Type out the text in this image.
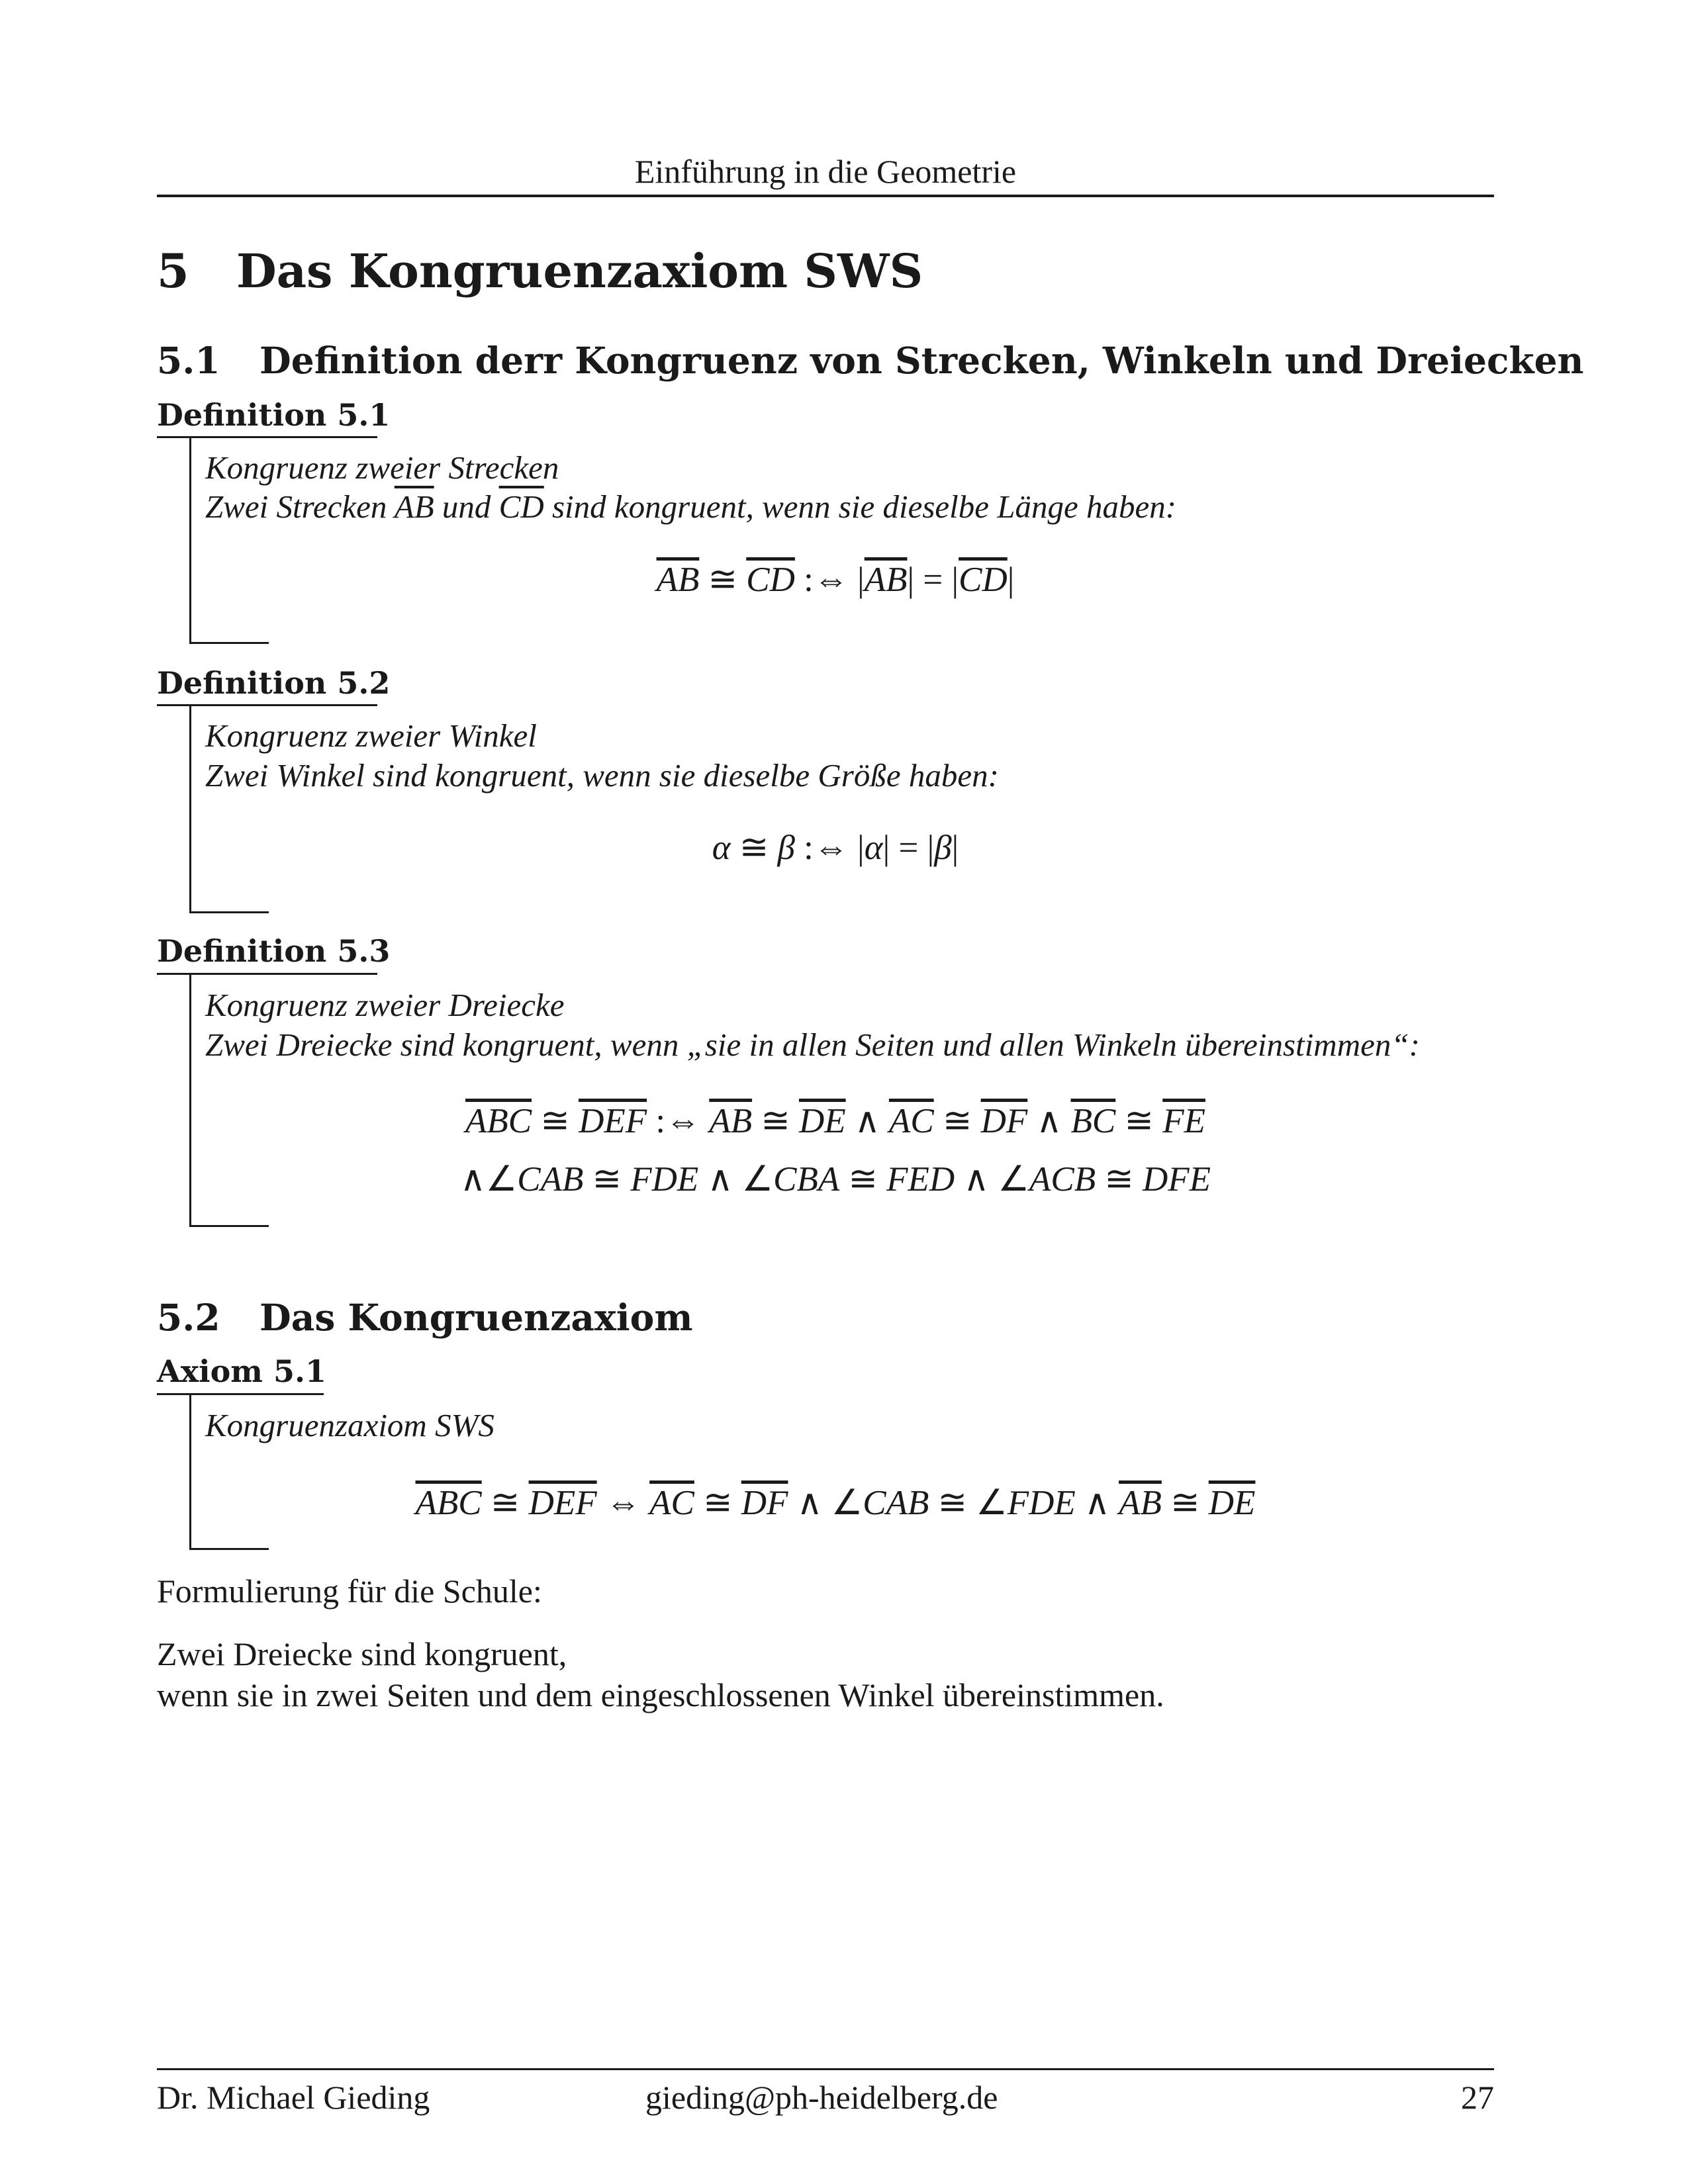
Einführung in die Geometrie
5 Das Kongruenzaxiom SWS
5.1 Definition derr Kongruenz von Strecken, Winkeln und Dreiecken
Definition 5.1
Kongruenz zweier Strecken
Zwei Strecken $\overline{AB}$ und $\overline{CD}$ sind kongruent, wenn sie dieselbe Länge haben:
$\overline{AB}$ ≅ $\overline{CD}$ :⇔ $|\overline{AB}| = |\overline{CD}|$
Definition 5.2
Kongruenz zweier Winkel
Zwei Winkel sind kongruent, wenn sie dieselbe Größe haben:
α ≅ β :⇔ |α| = |β|
Definition 5.3
Kongruenz zweier Dreiecke
Zwei Dreiecke sind kongruent, wenn „sie in allen Seiten und allen Winkeln übereinstimmen“:
$\overline{ABC}$ ≅ $\overline{DEF}$ :⇔ $\overline{AB}$ ≅ $\overline{DE}$ ∧ $\overline{AC}$ ≅ $\overline{DF}$ ∧ $\overline{BC}$ ≅ $\overline{FE}$
∧∠CAB ≅ FDE ∧ ∠CBA ≅ FED ∧ ∠ACB ≅ DFE
5.2 Das Kongruenzaxiom
Axiom 5.1
Kongruenzaxiom SWS
$\overline{ABC}$ ≅ $\overline{DEF}$ ⇔ $\overline{AC}$ ≅ $\overline{DF}$ ∧ ∠CAB ≅ ∠FDE ∧ $\overline{AB}$ ≅ $\overline{DE}$
Formulierung für die Schule:
Zwei Dreiecke sind kongruent,
wenn sie in zwei Seiten und dem eingeschlossenen Winkel übereinstimmen.
Dr. Michael Gieding	gieding@ph-heidelberg.de	27
